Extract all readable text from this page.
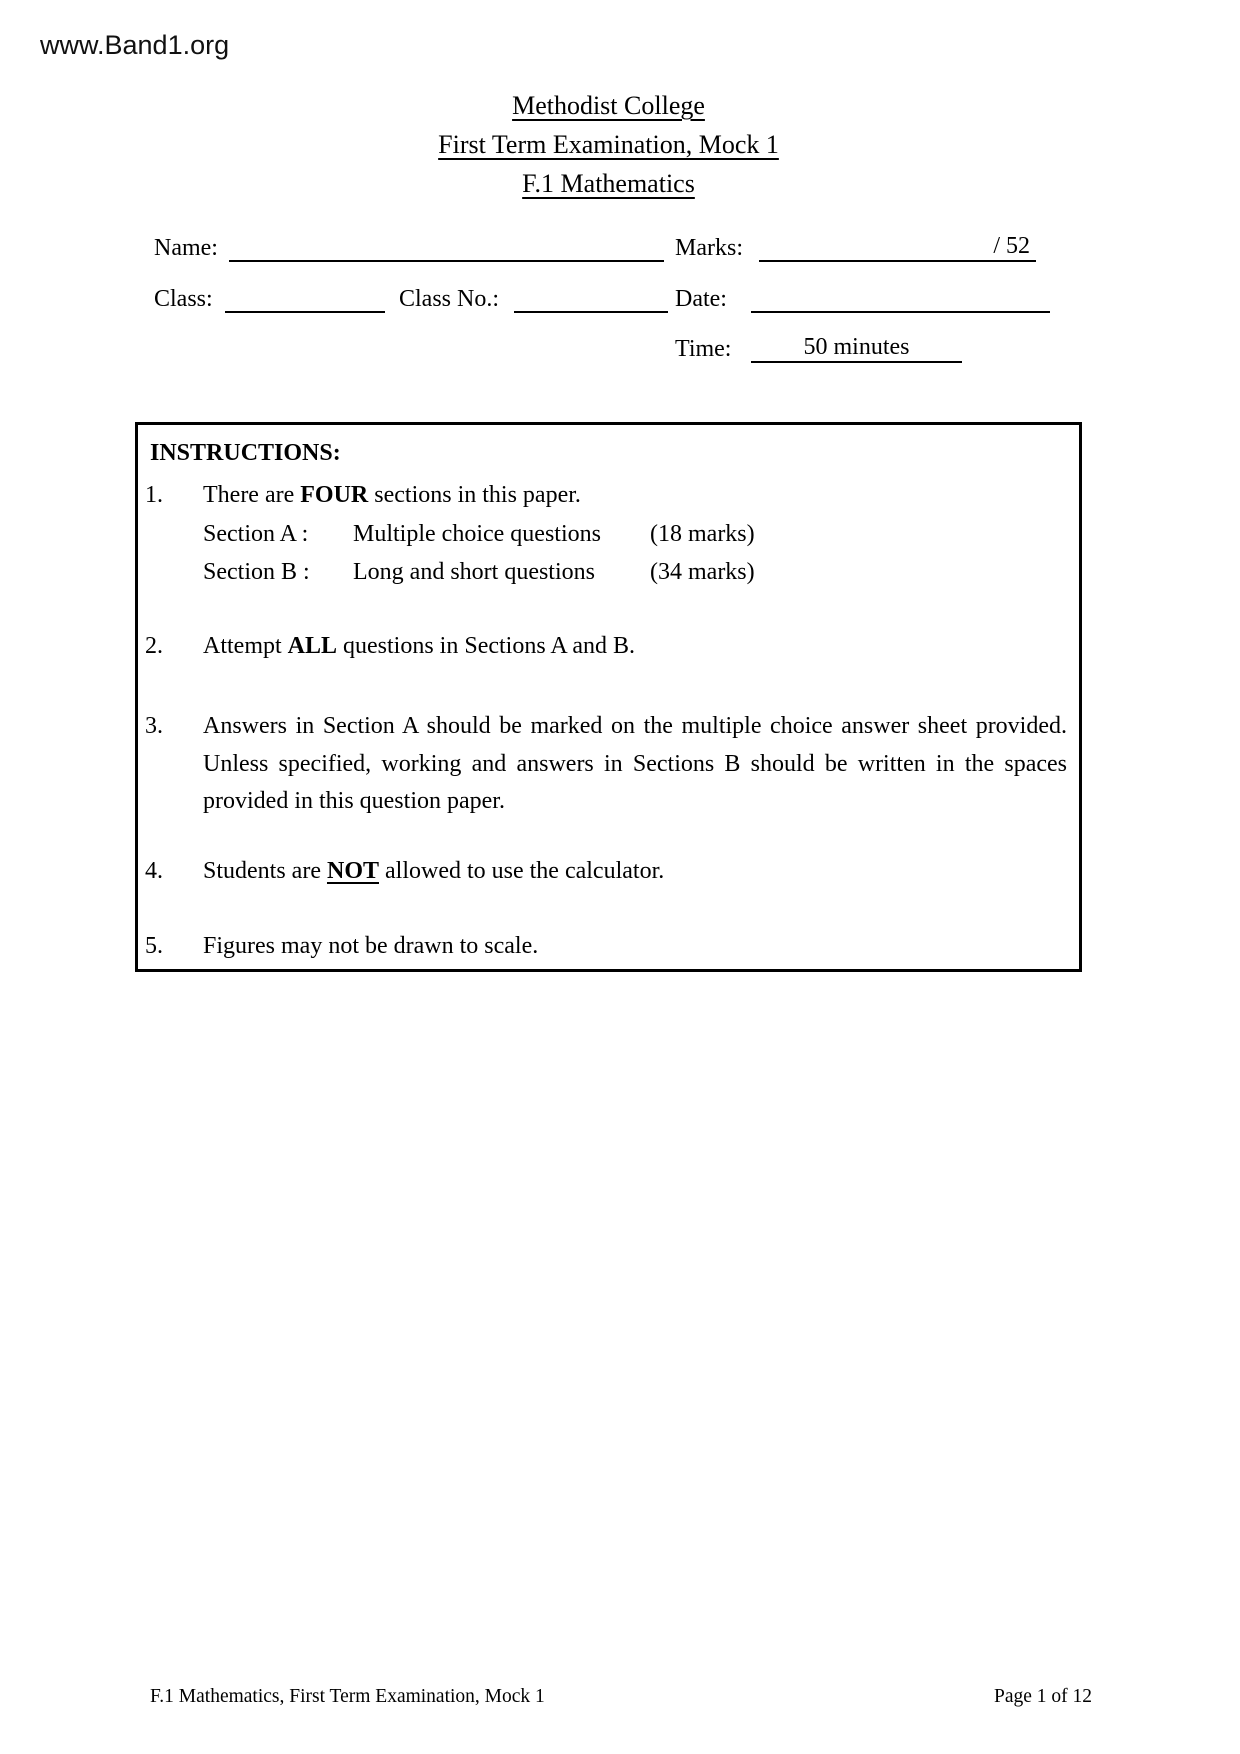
www.Band1.org
Methodist College
First Term Examination, Mock 1
F.1 Mathematics
Name:	Marks:	/ 52
Class:	Class No.:	Date:
Time:	50 minutes
INSTRUCTIONS:
1. There are FOUR sections in this paper.
Section A : Multiple choice questions (18 marks)
Section B : Long and short questions (34 marks)
2. Attempt ALL questions in Sections A and B.
3. Answers in Section A should be marked on the multiple choice answer sheet provided.
Unless specified, working and answers in Sections B should be written in the spaces
provided in this question paper.
4. Students are NOT allowed to use the calculator.
5. Figures may not be drawn to scale.
F.1 Mathematics, First Term Examination, Mock 1	Page 1 of 12
